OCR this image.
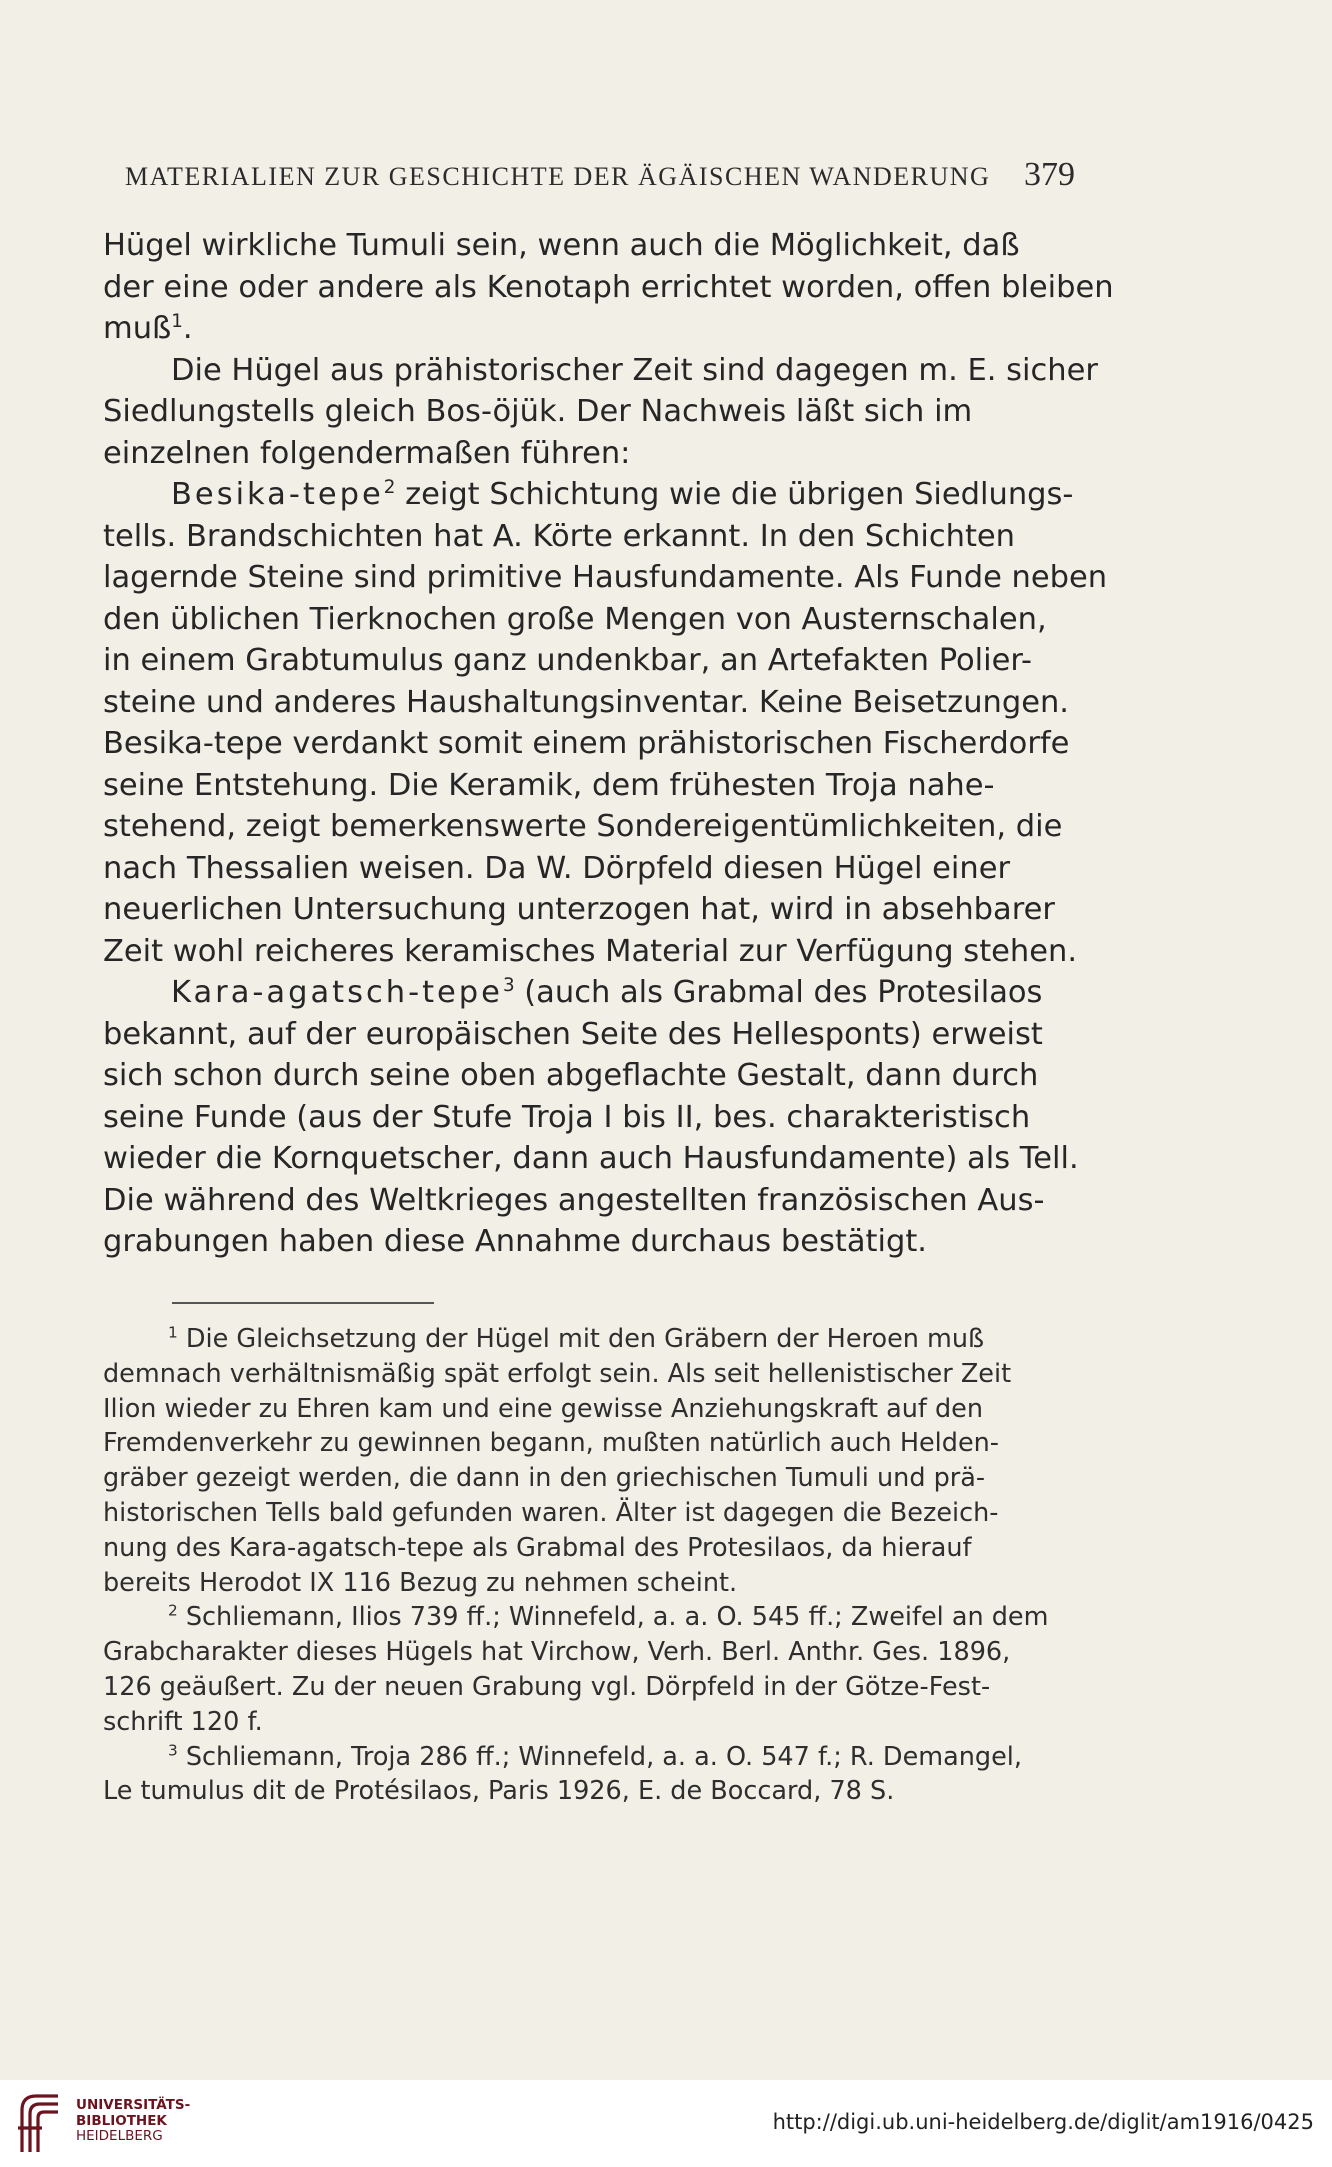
MATERIALIEN ZUR GESCHICHTE DER ÄGÄISCHEN WANDERUNG 379
Hügel wirkliche Tumuli sein, wenn auch die Möglichkeit, daß
der eine oder andere als Kenotaph errichtet worden, offen bleiben
muß$^1$.
Die Hügel aus prähistorischer Zeit sind dagegen m. E. sicher
Siedlungstells gleich Bos-öjük. Der Nachweis läßt sich im
einzelnen folgendermaßen führen:
Besika-tepe$^2$ zeigt Schichtung wie die übrigen Siedlungs-
tells. Brandschichten hat A. Körte erkannt. In den Schichten
lagernde Steine sind primitive Hausfundamente. Als Funde neben
den üblichen Tierknochen große Mengen von Austernschalen,
in einem Grabtumulus ganz undenkbar, an Artefakten Polier-
steine und anderes Haushaltungsinventar. Keine Beisetzungen.
Besika-tepe verdankt somit einem prähistorischen Fischerdorfe
seine Entstehung. Die Keramik, dem frühesten Troja nahe-
stehend, zeigt bemerkenswerte Sondereigentümlichkeiten, die
nach Thessalien weisen. Da W. Dörpfeld diesen Hügel einer
neuerlichen Untersuchung unterzogen hat, wird in absehbarer
Zeit wohl reicheres keramisches Material zur Verfügung stehen.
Kara-agatsch-tepe$^3$ (auch als Grabmal des Protesilaos
bekannt, auf der europäischen Seite des Hellesponts) erweist
sich schon durch seine oben abgeflachte Gestalt, dann durch
seine Funde (aus der Stufe Troja I bis II, bes. charakteristisch
wieder die Kornquetscher, dann auch Hausfundamente) als Tell.
Die während des Weltkrieges angestellten französischen Aus-
grabungen haben diese Annahme durchaus bestätigt.
$^1$ Die Gleichsetzung der Hügel mit den Gräbern der Heroen muß
demnach verhältnismäßig spät erfolgt sein. Als seit hellenistischer Zeit
Ilion wieder zu Ehren kam und eine gewisse Anziehungskraft auf den
Fremdenverkehr zu gewinnen begann, mußten natürlich auch Helden-
gräber gezeigt werden, die dann in den griechischen Tumuli und prä-
historischen Tells bald gefunden waren. Älter ist dagegen die Bezeich-
nung des Kara-agatsch-tepe als Grabmal des Protesilaos, da hierauf
bereits Herodot IX 116 Bezug zu nehmen scheint.
$^2$ Schliemann, Ilios 739 ff.; Winnefeld, a. a. O. 545 ff.; Zweifel an dem
Grabcharakter dieses Hügels hat Virchow, Verh. Berl. Anthr. Ges. 1896,
126 geäußert. Zu der neuen Grabung vgl. Dörpfeld in der Götze-Fest-
schrift 120 f.
$^3$ Schliemann, Troja 286 ff.; Winnefeld, a. a. O. 547 f.; R. Demangel,
Le tumulus dit de Protésilaos, Paris 1926, E. de Boccard, 78 S.
UNIVERSITÄTS-
BIBLIOTHEK
HEIDELBERG
http://digi.ub.uni-heidelberg.de/diglit/am1916/0425
